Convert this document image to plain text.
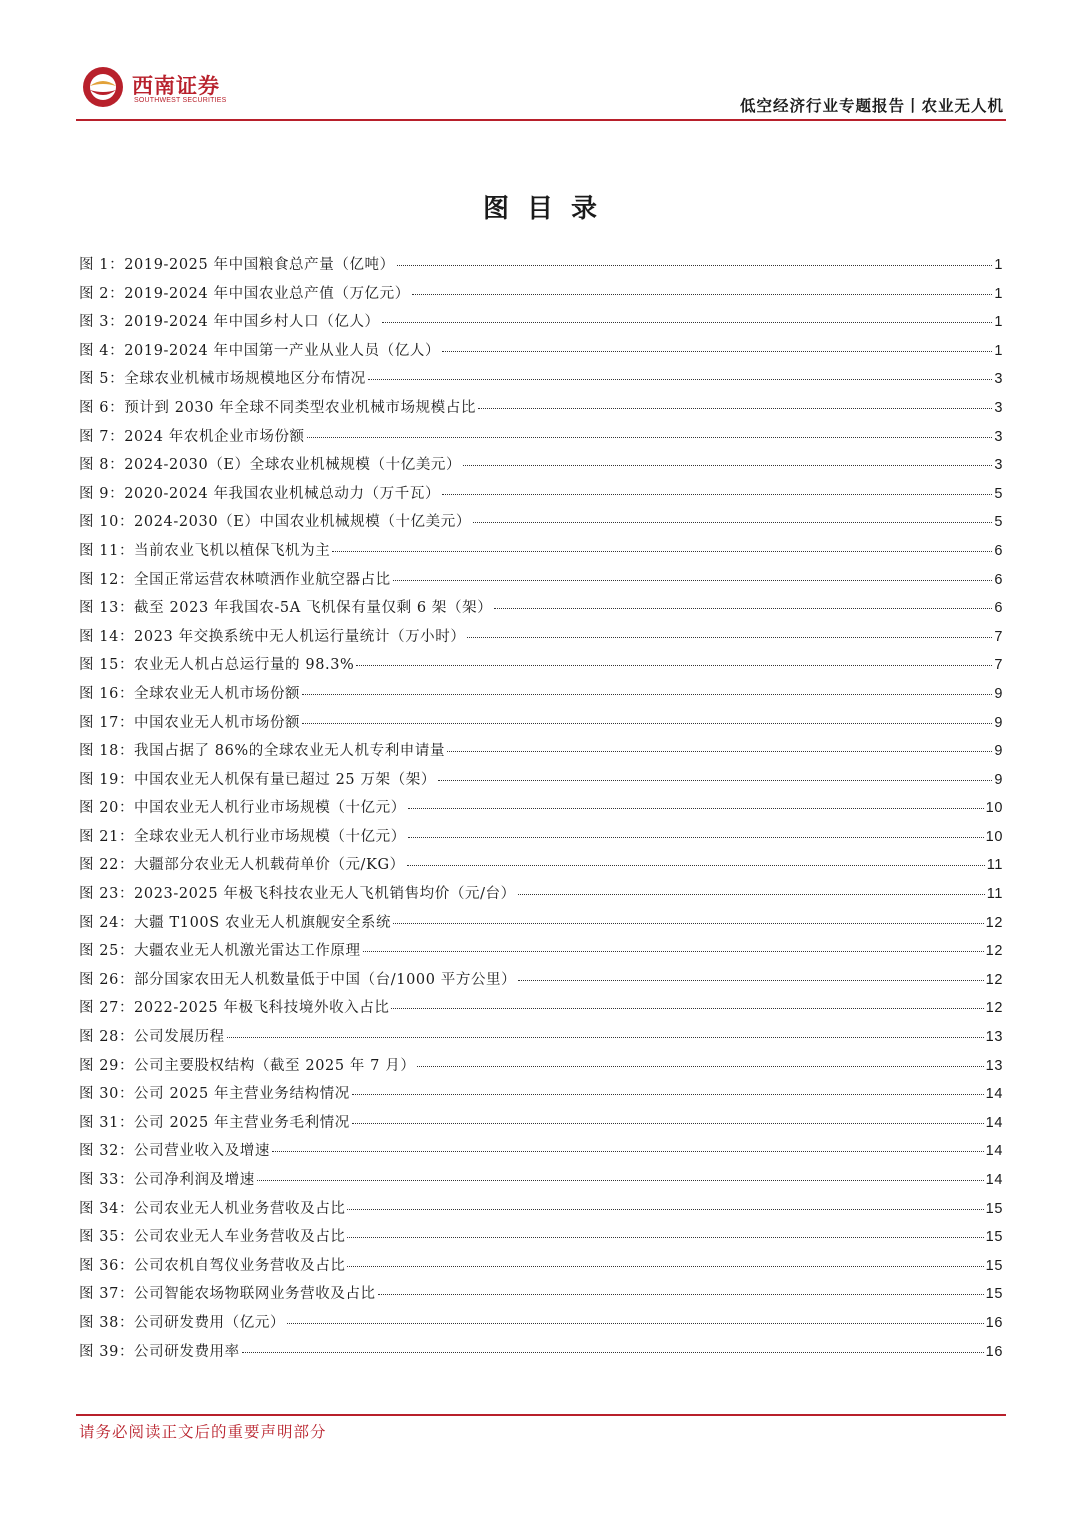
西南证券
SOUTHWEST SECURITIES	低空经济行业专题报告丨农业无人机
图目录
图 1：2019-2025 年中国粮食总产量（亿吨）	1
图 2：2019-2024 年中国农业总产值（万亿元）	1
图 3：2019-2024 年中国乡村人口（亿人）	1
图 4：2019-2024 年中国第一产业从业人员（亿人）	1
图 5：全球农业机械市场规模地区分布情况	3
图 6：预计到 2030 年全球不同类型农业机械市场规模占比	3
图 7：2024 年农机企业市场份额	3
图 8：2024-2030（E）全球农业机械规模（十亿美元）	3
图 9：2020-2024 年我国农业机械总动力（万千瓦）	5
图 10：2024-2030（E）中国农业机械规模（十亿美元）	5
图 11：当前农业飞机以植保飞机为主	6
图 12：全国正常运营农林喷洒作业航空器占比	6
图 13：截至 2023 年我国农-5A 飞机保有量仅剩 6 架（架）	6
图 14：2023 年交换系统中无人机运行量统计（万小时）	7
图 15：农业无人机占总运行量的 98.3%	7
图 16：全球农业无人机市场份额	9
图 17：中国农业无人机市场份额	9
图 18：我国占据了 86%的全球农业无人机专利申请量	9
图 19：中国农业无人机保有量已超过 25 万架（架）	9
图 20：中国农业无人机行业市场规模（十亿元）	10
图 21：全球农业无人机行业市场规模（十亿元）	10
图 22：大疆部分农业无人机载荷单价（元/KG）	11
图 23：2023-2025 年极飞科技农业无人飞机销售均价（元/台）	11
图 24：大疆 T100S 农业无人机旗舰安全系统	12
图 25：大疆农业无人机激光雷达工作原理	12
图 26：部分国家农田无人机数量低于中国（台/1000 平方公里）	12
图 27：2022-2025 年极飞科技境外收入占比	12
图 28：公司发展历程	13
图 29：公司主要股权结构（截至 2025 年 7 月）	13
图 30：公司 2025 年主营业务结构情况	14
图 31：公司 2025 年主营业务毛利情况	14
图 32：公司营业收入及增速	14
图 33：公司净利润及增速	14
图 34：公司农业无人机业务营收及占比	15
图 35：公司农业无人车业务营收及占比	15
图 36：公司农机自驾仪业务营收及占比	15
图 37：公司智能农场物联网业务营收及占比	15
图 38：公司研发费用（亿元）	16
图 39：公司研发费用率	16
请务必阅读正文后的重要声明部分
